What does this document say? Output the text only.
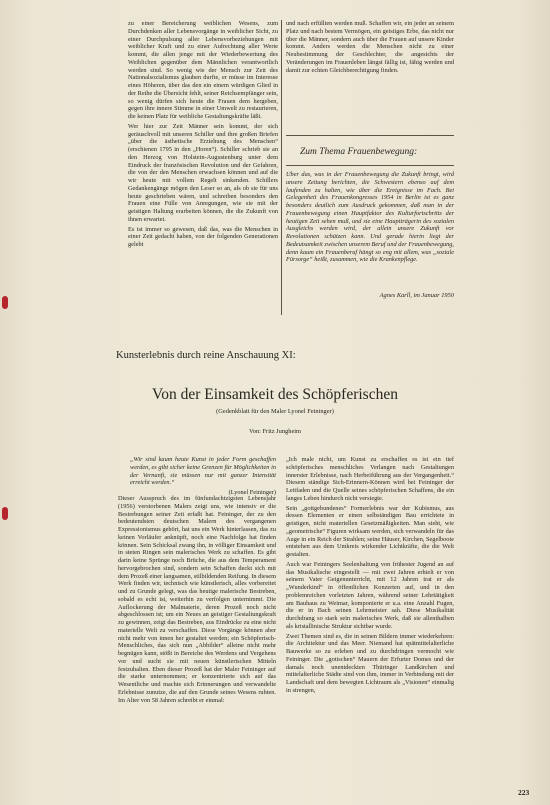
zu einer Bereicherung weiblichen Wesens, zum Durchdenken aller Lebensvorgänge in weiblicher Sicht, zu einer Durchpulsung aller Lebensvorbeziehungen mit weiblicher Kraft und zu einer Aufrechtung aller Werte kommt, die allen jenge mit der Wiederbewertung des Weiblichen gegenüber dem Männlichen verantwortlich werden sind. So wenig wie der Mensch zur Zeit des Nationalsozialismus glauben durfte, er müsse im Interesse eines Höheren, über das den ein einem würdigen Glied in der Reihe die Übersicht fehlt, seiner Reichsempfänger sein, so wenig dürfen sich heute die Frauen dem hergeben, gegen ihre innere Stimme in einer Umwelt zu restaurieren, die keinen Platz für weibliche Gestaltungskräfte läßt.

Wer hier zur Zeit Männer sein kommt, der sich geräuschvoll mit unseren Schiller und ihre großen Briefen „über die ästhetische Erziehung des Menschen“ (erschienen 1795 in den „Horen“). Schiller schrieb sie an den Herzog von Holstein-Augustenburg unter dem Eindruck der französischen Revolution und der Gefahren, die von der den Menschen erwachsen können und auf die wir heute mit vollem Regelt sinkenden. Schillers Gedankengänge mögen den Leser so an, als ob sie für uns heute geschrieben wären, und schreiben besonders den Frauen eine Fülle von Anregungen, wie sie mit der geistigen Haltung erarbeiten können, die die Zukunft von ihnen erwartet.

Es ist immer so gewesen, daß das, was die Menschen in einer Zeit gedacht haben, von der folgenden Generationen gelebt

und nach erfüllten werden muß. Schaffen wir, ein jeder an seinem Platz und nach bestem Vermögen, ein geistiges Erbe, das nicht nur über die Männer, sondern auch über die Frauen auf unsere Kinder kommt. Anders werden die Menschen nicht zu einer Neubestimmung der Geschlechter, die angesichts der Veränderungen im Frauenleben längst fällig ist, fähig werden und damit zur echten Gleichberechtigung finden.

Zum Thema Frauenbewegung:

Über das, was in der Frauenbewegung die Zukunft bringt, wird unsere Zeitung berichten, die Schwestern ebenso auf dem laufenden zu halten, wie über die Ereignisse im Fach. Bei Gelegenheit des Frauenkongresses 1954 in Berlin ist es ganz besonders deutlich zum Ausdruck gekommen, daß man in der Frauenbewegung einen Hauptfaktor des Kulturfortschritts der heutigen Zeit sehen muß, und sie eine Hauptträgerin des sozialen Ausgleichs werden wird, der allein unsere Zukunft vor Revolutionen schützen kann. Und gerade hierin liegt der Bedeutsamkeit zwischen unserem Beruf und der Frauenbewegung, denn kaum ein Frauenberuf hängt so eng mit allem, was „soziale Fürsorge“ heißt, zusammen, wie die Krankenpflege.

Agnes Karll, im Januar 1950
Kunsterlebnis durch reine Anschauung XI:
Von der Einsamkeit des Schöpferischen
(Gedenkblatt für den Maler Lyonel Feininger)
Von: Fritz Jungheim

„Wir sind kaum heute Kunst in jeder Form geschaffen werden, es gibt sicher keine Grenzen für Möglichkeiten in der Vernunft, sie müssen nur mit ganzer Intensität erreicht werden.“

(Lyonel Feininger)

Dieser Ausspruch des im fünfundachtzigsten Lebensjahr (1956) verstorbenen Malers zeigt uns, wie intensiv er die Bestrebungen seiner Zeit erfaßt hat. Feininger, der zu den bedeutendsten deutschen Malern des vergangenen Expressionismus gehört, hat uns ein Werk hinterlassen, das zu keinen Vorläufer anknüpft, noch eine Nachfolge hat finden können. Sein Schicksal zwang ihn, in völliger Einsamkeit und in steten Ringen sein malerisches Werk zu schaffen. Es gibt darin keine Sprünge noch Brüche, die aus dem Temperament hervorgebrochen sind, sondern sein Schaffen deckt sich mit dem Prozeß einer langsamen, stilbildenden Reifung. In diesem Werk finden wir, technisch wie künstlerisch, alles vorbereitet und zu Grunde gelegt, was das heutige malerische Bestreben, sobald es echt ist, weiterhin zu verfolgen unternimmt. Die Auflockerung der Malmaterie, deren Prozeß noch nicht abgeschlossen ist; um ein Neues an geistiger Gestaltungskraft zu gewinnen, zeigt das Bestreben, aus Eindrücke zu eine nicht materielle Welt zu verschaffen. Diese Vorgänge können aber nicht mehr von innen her gestaltet werden; ein Schöpferisch-Menschliches, das sich nun „Abbilder“ alleine nicht mehr begnügen kann, stößt in Bereiche des Werdens und Vergehens vor und sucht sie mit neuen künstlerischen Mitteln festzuhalten. Eben dieser Prozeß hat der Maler Feininger auf die starke unternommen; er konzentrierte sich auf das Wesentliche und machte sich Erinnerungen und verwandelte Erlebnisse zunutze, die auf den Grunde seines Wesens ruhten. Im Alter von 58 Jahren schreibt er einmal:

„Ich male nicht, um Kunst zu erschaffen es ist ein tief schöpferisches menschliches Verlangen nach Gestaltungen innerster Erlebnisse, nach Herbeiführung aus der Vergangenheit.“ Diesem ständige Sich-Erinnern-Können wird bei Feininger der Leitfaden und die Quelle seines schöpferischen Schaffens, die ein langes Leben hindurch nicht versiegte.

Sein „gottgebundenes“ Formerlebnis war der Kubismus, aus dessen Elementen er einen selbständigen Bau errichtete in geistigen, nicht materiellen Gesetzmäßigkeiten. Man sieht, wie „geometrische“ Figuren wirksam werden, sich verwandeln für das Auge in ein Reich der Strahlen; seine Häuser, Kirchen, Segelboote entstehen aus dem Umkreis wirkender Lichtkräfte, die die Welt gestalten.

Auch war Feiningers Seelenhaltung von frühester Jugend an auf das Musikalische eingestellt — mit zwei Jahren erhielt er von seinem Vater Geigenunterricht, mit 12 Jahren trat er als „Wunderkind“ in öffentlichen Konzerten auf, und in den problemreichen vorletzten Jahren, während seiner Lehrtätigkeit am Bauhaus zu Weimar, komponierte er u.a. eine Anzahl Fugen, die er in Bach seinen Lehrmeister sah. Diese Musikalität durchdrang so stark sein malerisches Werk, daß sie allenthalben als kristallinische Struktur sichtbar wurde.

Zwei Themen sind es, die in seinen Bildern immer wiederkehren: die Architektur und das Meer. Niemand hat spätmittelalterliche Bauwerke so zu erleben und zu durchdringen vermocht wie Feininger. Die „gotischen“ Mauern der Erfurter Domes und der damals noch unentdeckten Thüringer Landkirchen und mittelalterliche Städte sind von ihm, immer in Verbindung mit der Landschaft und dem bewegten Lichtraum als „Visionen“ einmalig in strengen,

223
